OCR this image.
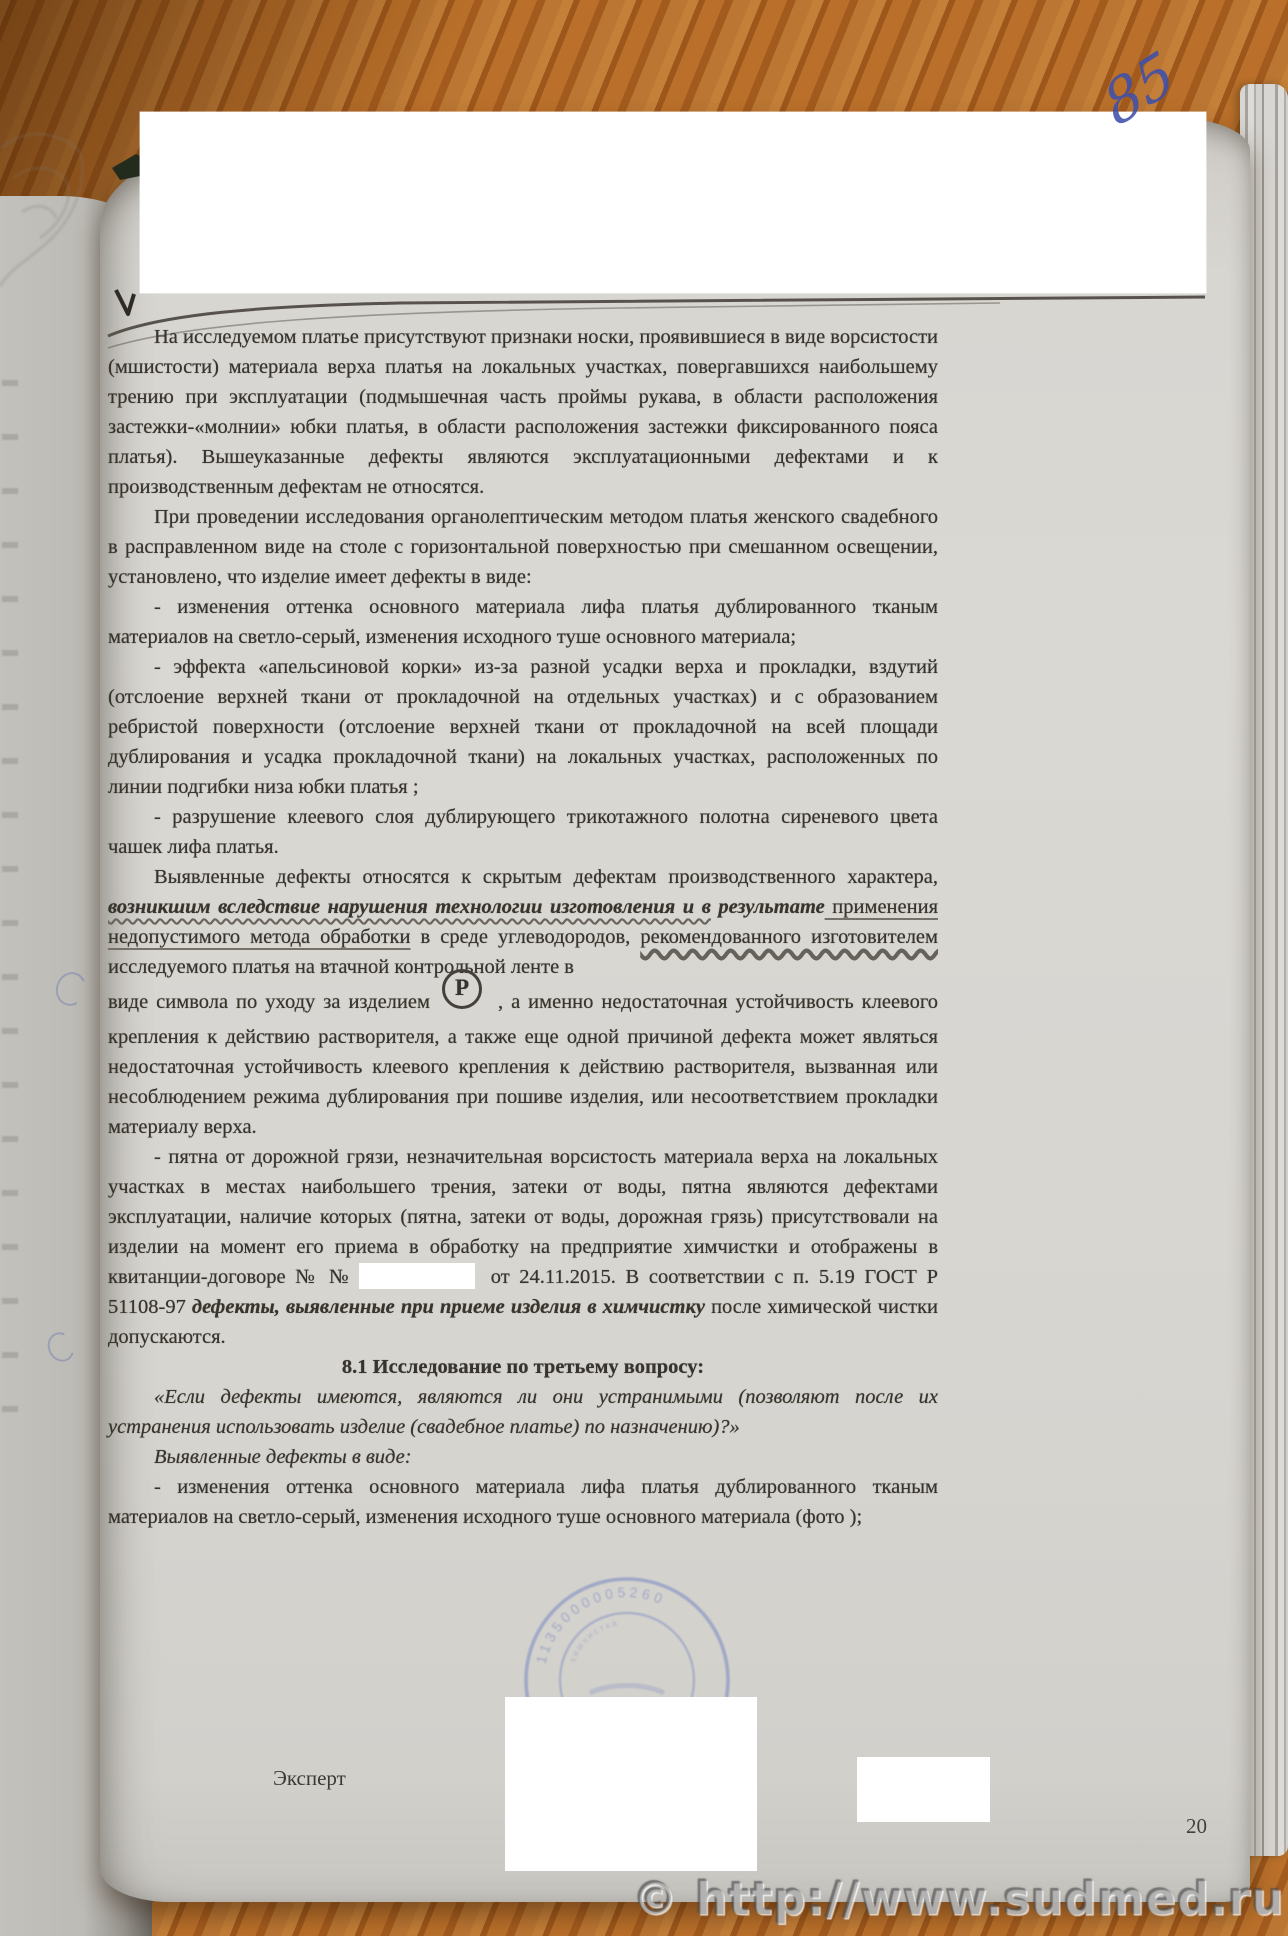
85
1135000005260
химчистка

На исследуемом платье присутствуют признаки носки, проявившиеся в виде ворсистости (мшистости) материала верха платья на локальных участках, повергавшихся наибольшему трению при эксплуатации (подмышечная часть проймы рукава, в области расположения застежки-«молнии» юбки платья, в области расположения застежки фиксированного пояса платья). Вышеуказанные дефекты являются эксплуатационными дефектами и к производственным дефектам не относятся.

При проведении исследования органолептическим методом платья женского свадебного в расправленном виде на столе с горизонтальной поверхностью при смешанном освещении, установлено, что изделие имеет дефекты в виде:

- изменения оттенка основного материала лифа платья дублированного тканым материалов на светло-серый, изменения исходного туше основного материала;

- эффекта «апельсиновой корки» из-за разной усадки верха и прокладки, вздутий (отслоение верхней ткани от прокладочной на отдельных участках) и с образованием ребристой поверхности (отслоение верхней ткани от прокладочной на всей площади дублирования и усадка прокладочной ткани) на локальных участках, расположенных по линии подгибки низа юбки платья ;

- разрушение клеевого слоя дублирующего трикотажного полотна сиреневого цвета чашек лифа платья.

Выявленные дефекты относятся к скрытым дефектам производственного характера, возникшим вследствие нарушения технологии изготовления и в результате применения недопустимого метода обработки в среде углеводородов, рекомендованного изготовителем исследуемого платья на втачной контрольной ленте в

виде символа по уходу за изделиемP, а именно недостаточная устойчивость клеевого крепления к действию растворителя, а также еще одной причиной дефекта может являться недостаточная устойчивость клеевого крепления к действию растворителя, вызванная или несоблюдением режима дублирования при пошиве изделия, или несоответствием прокладки материалу верха.

- пятна от дорожной грязи, незначительная ворсистость материала верха на локальных участках в местах наибольшего трения, затеки от воды, пятна являются дефектами эксплуатации, наличие которых (пятна, затеки от воды, дорожная грязь) присутствовали на изделии на момент его приема в обработку на предприятие химчистки и отображены в квитанции-договоре № №	от 24.11.2015. В соответствии с п. 5.19 ГОСТ Р 51108-97 дефекты, выявленные при приеме изделия в химчистку после химической чистки допускаются.

8.1 Исследование по третьему вопросу:

«Если дефекты имеются, являются ли они устранимыми (позволяют после их устранения использовать изделие (свадебное платье) по назначению)?»

Выявленные дефекты в виде:

- изменения оттенка основного материала лифа платья дублированного тканым материалов на светло-серый, изменения исходного туше основного материала (фото );

Эксперт
20
© http://www.sudmed.ru
